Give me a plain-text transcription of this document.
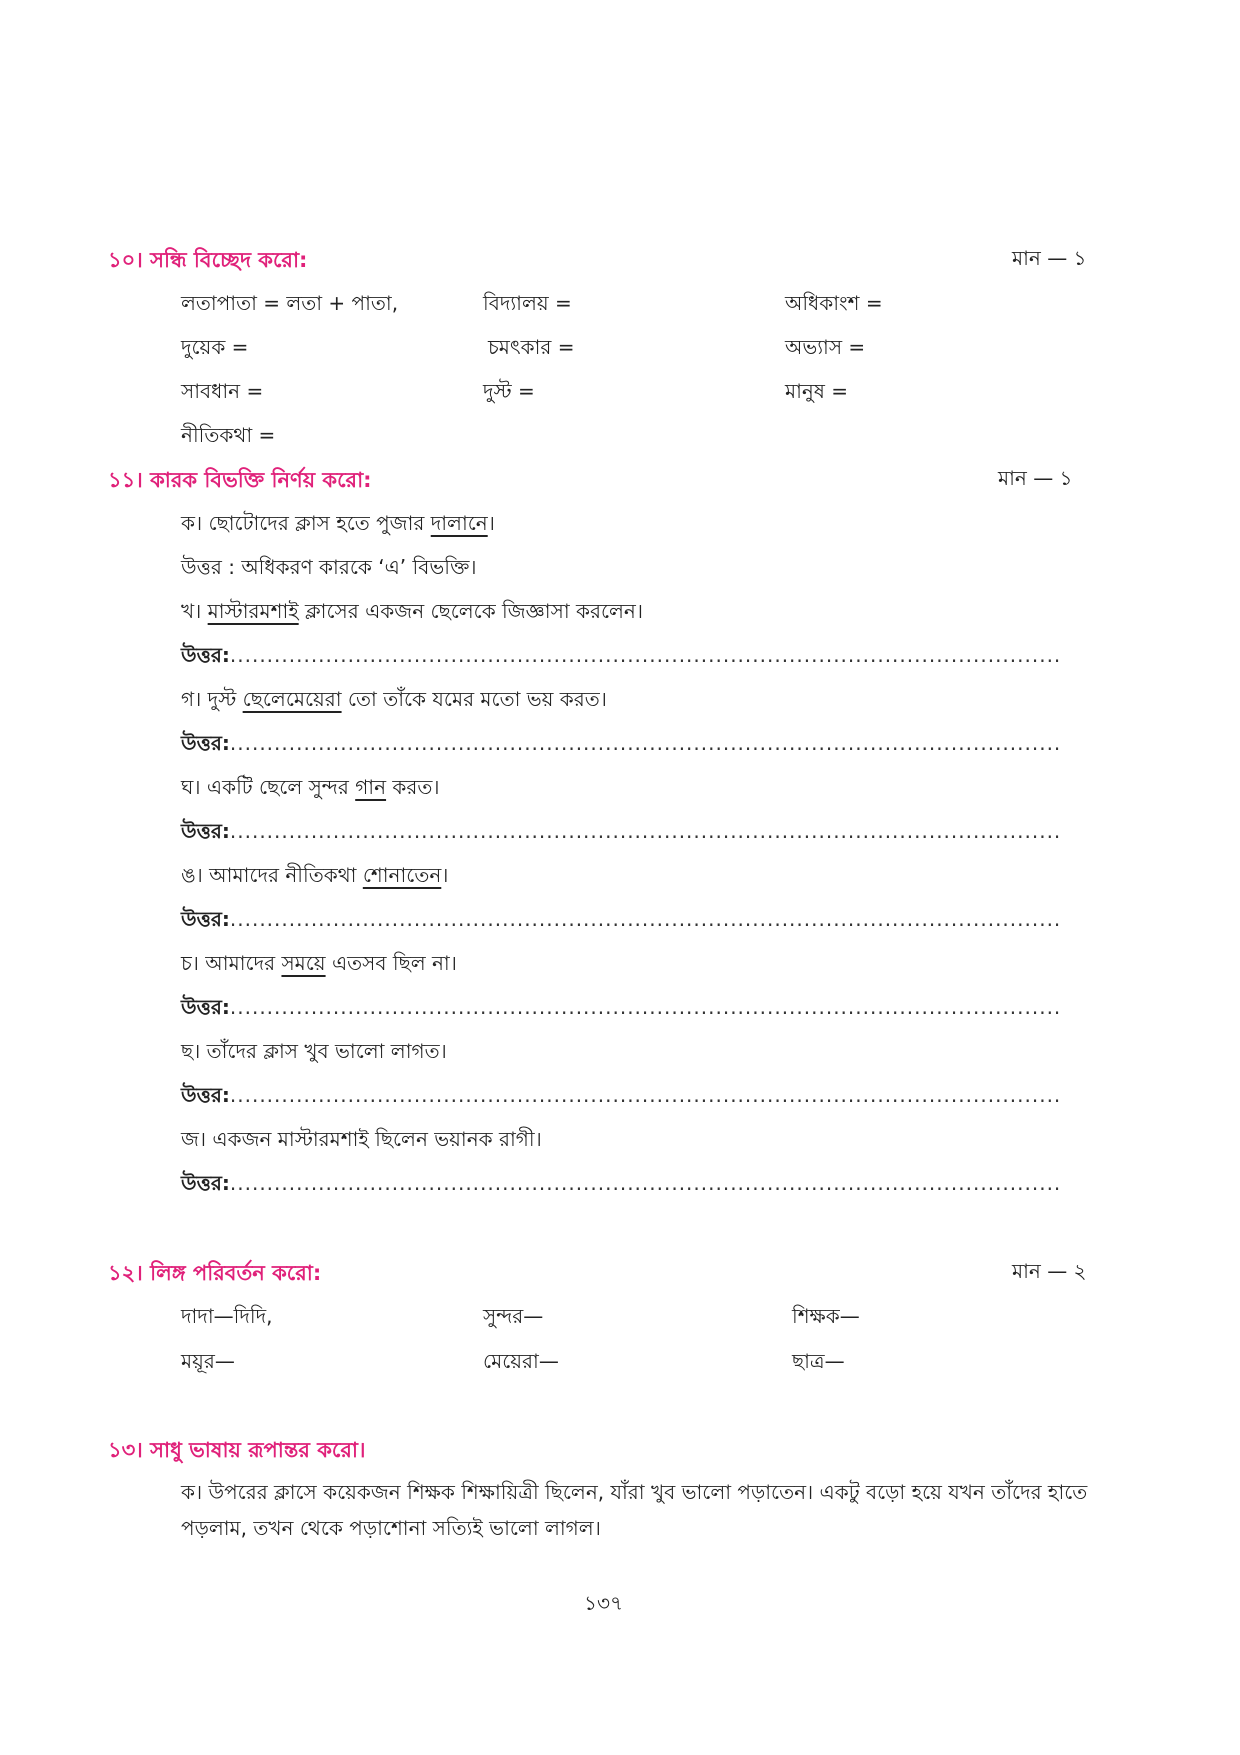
১০। সন্ধি বিচ্ছেদ করো:	মান — ১
লতাপাতা = লতা + পাতা,	বিদ্যালয় =	অধিকাংশ =
দুয়েক =	চমৎকার =	অভ্যাস =
সাবধান =	দুস্ট =	মানুষ =
নীতিকথা =
১১। কারক বিভক্তি নির্ণয় করো:	মান — ১
ক। ছোটোদের ক্লাস হতে পুজার দালানে।
উত্তর : অধিকরণ কারকে ‘এ’ বিভক্তি।
খ। মাস্টারমশাই ক্লাসের একজন ছেলেকে জিজ্ঞাসা করলেন।
উত্তর:.................................................................................................................
গ। দুস্ট ছেলেমেয়েরা তো তাঁকে যমের মতো ভয় করত।
উত্তর:.................................................................................................................
ঘ। একটি ছেলে সুন্দর গান করত।
উত্তর:.................................................................................................................
ঙ। আমাদের নীতিকথা শোনাতেন।
উত্তর:.................................................................................................................
চ। আমাদের সময়ে এতসব ছিল না।
উত্তর:.................................................................................................................
ছ। তাঁদের ক্লাস খুব ভালো লাগত।
উত্তর:.................................................................................................................
জ। একজন মাস্টারমশাই ছিলেন ভয়ানক রাগী।
উত্তর:.................................................................................................................
১২। লিঙ্গ পরিবর্তন করো:	মান — ২
দাদা—দিদি,	সুন্দর—	শিক্ষক—
ময়ূর—	মেয়েরা—	ছাত্র—
১৩। সাধু ভাষায় রূপান্তর করো।
ক। উপরের ক্লাসে কয়েকজন শিক্ষক শিক্ষায়িত্রী ছিলেন, যাঁরা খুব ভালো পড়াতেন। একটু বড়ো হয়ে যখন তাঁদের হাতে পড়লাম, তখন থেকে পড়াশোনা সত্যিই ভালো লাগল।
১৩৭
